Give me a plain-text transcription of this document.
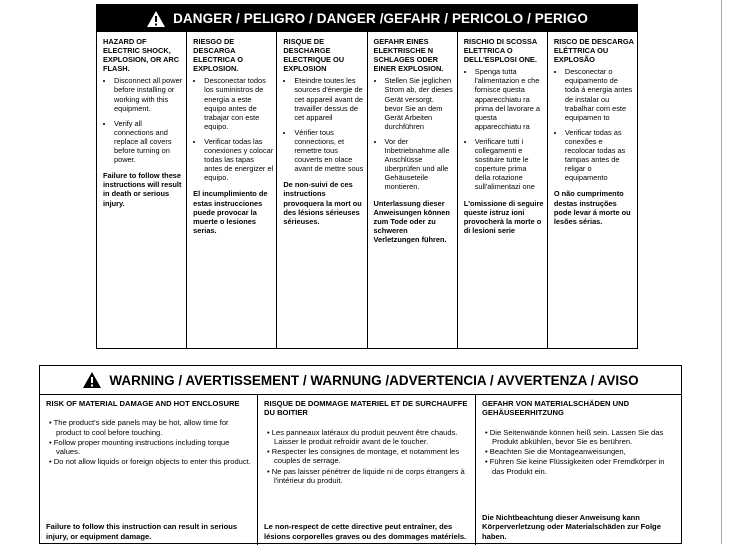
DANGER / PELIGRO / DANGER /GEFAHR / PERICOLO / PERIGO
HAZARD OF ELECTRIC SHOCK, EXPLOSION, OR ARC FLASH.
• Disconnect all power before installing or working with this equipment.
• Verify all connections and replace all covers before turning on power.
Failure to follow these instructions will result in death or serious injury.
RIESGO DE DESCARGA ELECTRICA O EXPLOSION.
• Desconectar todos los suministros de energía a este equipo antes de trabajar con este equipo.
• Verificar todas las conexiones y colocar todas las tapas antes de energizer el equipo.
El incumplimiento de estas instrucciones puede provocar la muerte o lesiones serias.
RISQUE DE DESCHARGE ELECTRIQUE OU EXPLOSION
• Eteindre toutes les sources d'énergie de cet appareil avant de travailler dessus de cet appareil
• Vérifier tous connections, et remettre tous couverts en olace avant de mettre sous
De non-suivi de ces instructions provoquera la mort ou des lésions sérieuses sérieuses.
GEFAHR EINES ELEKTRISCHE N SCHLAGES ODER EINER EXPLOSION.
• Stellen Sie jeglichen Strom ab, der dieses Gerät versorgt. bevor Sie an dem Gerät Arbeiten durchführen
• Vor der Inbetriebnahme alle Anschlüsse überprüfen und alle Gehäuseteile montieren.
Unterlassung dieser Anweisungen können zum Tode oder zu schweren Verletzungen führen.
RISCHIO DI SCOSSA ELETTRICA O DELL'ESPLOSI ONE.
• Spenga tutta l'alimentazion e che fornisce questa apparecchiatu ra prima del lavorare a questa apparecchiatu ra
• Verificare tutti i collegamenti e sostituire tutte le coperture prima della rotazione sull'alimentazi one
L'omissione di seguire queste istruz ioni provocherà la morte o di lesioni serie
RISCO DE DESCARGA ELÉTTRICA OU EXPLOSÃO
• Desconectar o equipamento de toda á energia antes de instalar ou trabalhar com este equipamen to
• Verificar todas as conexões e recolocar todas as tampas antes de religar o equipamento
O não cumprimento destas instruções pode levar á morte ou lesões sérias.
WARNING / AVERTISSEMENT / WARNUNG /ADVERTENCIA / AVVERTENZA / AVISO
RISK OF MATERIAL DAMAGE AND HOT ENCLOSURE
• The product's side panels may be hot, allow time for product to cool before touching.
• Follow proper mounting instructions including torque values.
• Do not allow liquids or foreign objects to enter this product.
Failure to follow this instruction can result in serious injury, or equipment damage.
RISQUE DE DOMMAGE MATERIEL ET DE SURCHAUFFE DU BOITIER
• Les panneaux latéraux du produit peuvent être chauds. Laisser le produit refroidir avant de le toucher.
• Respecter les consignes de montage, et notamment les couples de serrage.
• Ne pas laisser pénétrer de liquide ni de corps étrangers à l'intérieur du produit.
Le non-respect de cette directive peut entraîner, des lésions corporelles graves ou des dommages matériels.
GEFAHR VON MATERIALSCHÄDEN UND GEHÄUSEERHITZUNG
• Die Seitenwände können heiß sein. Lassen Sie das Produkt abkühlen, bevor Sie es berühren.
• Beachten Sie die Montageanweisungen,
• Führen Sie keine Flüssigkeiten oder Fremdkörper in das Produkt ein.
Die Nichtbeachtung dieser Anweisung kann Körperverletzung oder Materialschäden zur Folge haben.
